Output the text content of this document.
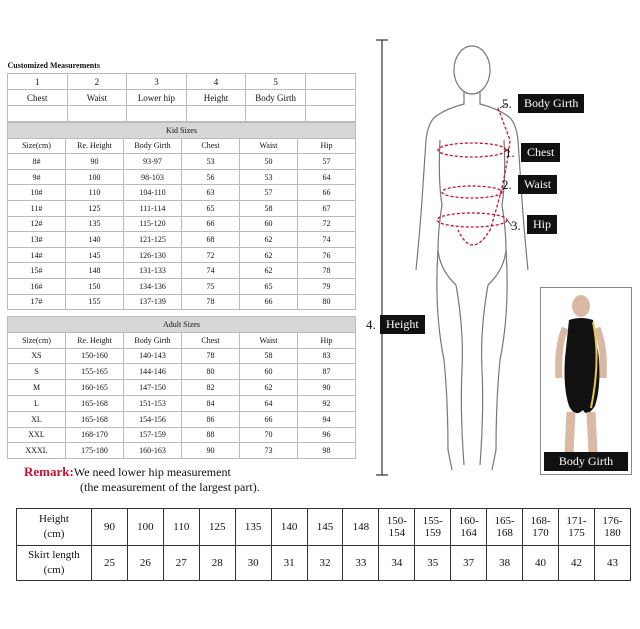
Customized Measurements					
1	2	3	4	5	
Chest	Waist	Lower hip	Height	Body Girth	

Kid Sizes					
Size(cm)	Re. Height	Body Girth	Chest	Waist	Hip
8#	90	93-97	53	50	57
9#	100	98-103	56	53	64
10#	110	104-110	63	57	66
11#	125	111-114	65	58	67
12#	135	115-120	66	60	72
13#	140	121-125	68	62	74
14#	145	126-130	72	62	76
15#	148	131-133	74	62	78
16#	150	134-136	75	65	79
17#	155	137-139	78	66	80
Adult Sizes					
Size(cm)	Re. Height	Body Girth	Chest	Waist	Hip
XS	150-160	140-143	78	58	83
S	155-165	144-146	80	60	87
M	160-165	147-150	82	62	90
L	165-168	151-153	84	64	92
XL	165-168	154-156	86	66	94
XXL	168-170	157-159	88	70	96
XXXL	175-180	160-163	90	73	98
Remark:We need lower hip measurement
(the measurement of the largest part).
Height
(cm)	90	100	110	125	135	140	145	148	150-154	155-159	160-164	165-168	168-170	171-175	176-180
Skirt length
(cm)	25	26	27	28	30	31	32	33	34	35	37	38	40	42	43
5.	Body Girth
1.	Chest
2.	Waist
3.	Hip
4. Height
Body Girth
